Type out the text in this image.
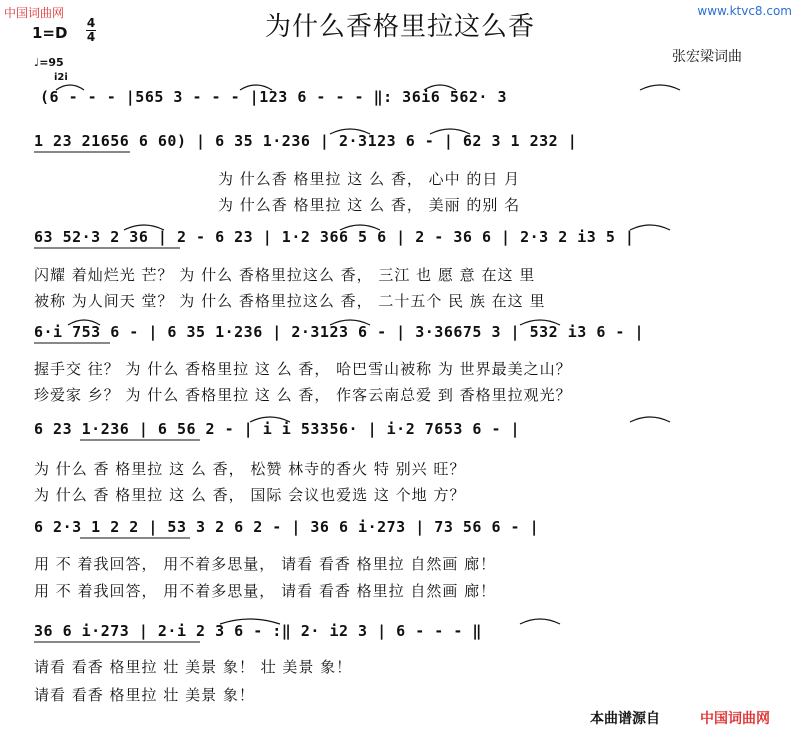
中国词曲网	www.ktvc8.com
为什么香格里拉这么香
1=D
4
4
♩=95
i2i
张宏梁词曲
(6 - - - |565 3 - - - |123 6 - - - ‖: 36i6 562· 3
1 23 21656 6 60) | 6 35 1·236 | 2·3123 6 - | 62 3 1 232 |
为 什么香 格里拉 这 么 香， 心中 的日 月
为 什么香 格里拉 这 么 香， 美丽 的别 名
63 52·3 2 36 | 2 - 6 23 | 1·2 366 5 6 | 2 - 36 6 | 2·3 2 i3 5 |
闪耀 着灿烂光 芒？ 为 什么 香格里拉这么 香， 三江 也 愿 意 在这 里
被称 为人间天 堂？ 为 什么 香格里拉这么 香， 二十五个 民 族 在这 里
6·i 753 6 - | 6 35 1·236 | 2·3123 6 - | 3·36675 3 | 532 i3 6 - |
握手交 往？ 为 什么 香格里拉 这 么 香， 哈巴雪山被称 为 世界最美之山？
珍爱家 乡？ 为 什么 香格里拉 这 么 香， 作客云南总爱 到 香格里拉观光？
6 23 1·236 | 6 56 2 - | i i 53356· | i·2 7653 6 - |
为 什么 香 格里拉 这 么 香， 松赞 林寺的香火 特 别兴 旺？
为 什么 香 格里拉 这 么 香， 国际 会议也爱选 这 个地 方？
6 2·3 1 2 2 | 53 3 2 6 2 - | 36 6 i·273 | 73 56 6 - |
用 不 着我回答， 用不着多思量， 请看 看香 格里拉 自然画 廊！
用 不 着我回答， 用不着多思量， 请看 看香 格里拉 自然画 廊！
36 6 i·273 | 2·i 2 3 6 - :‖ 2· i2 3 | 6 - - - ‖
请看 看香 格里拉 壮 美景 象！ 壮 美景 象！
请看 看香 格里拉 壮 美景 象！
本曲谱源自	中国词曲网
